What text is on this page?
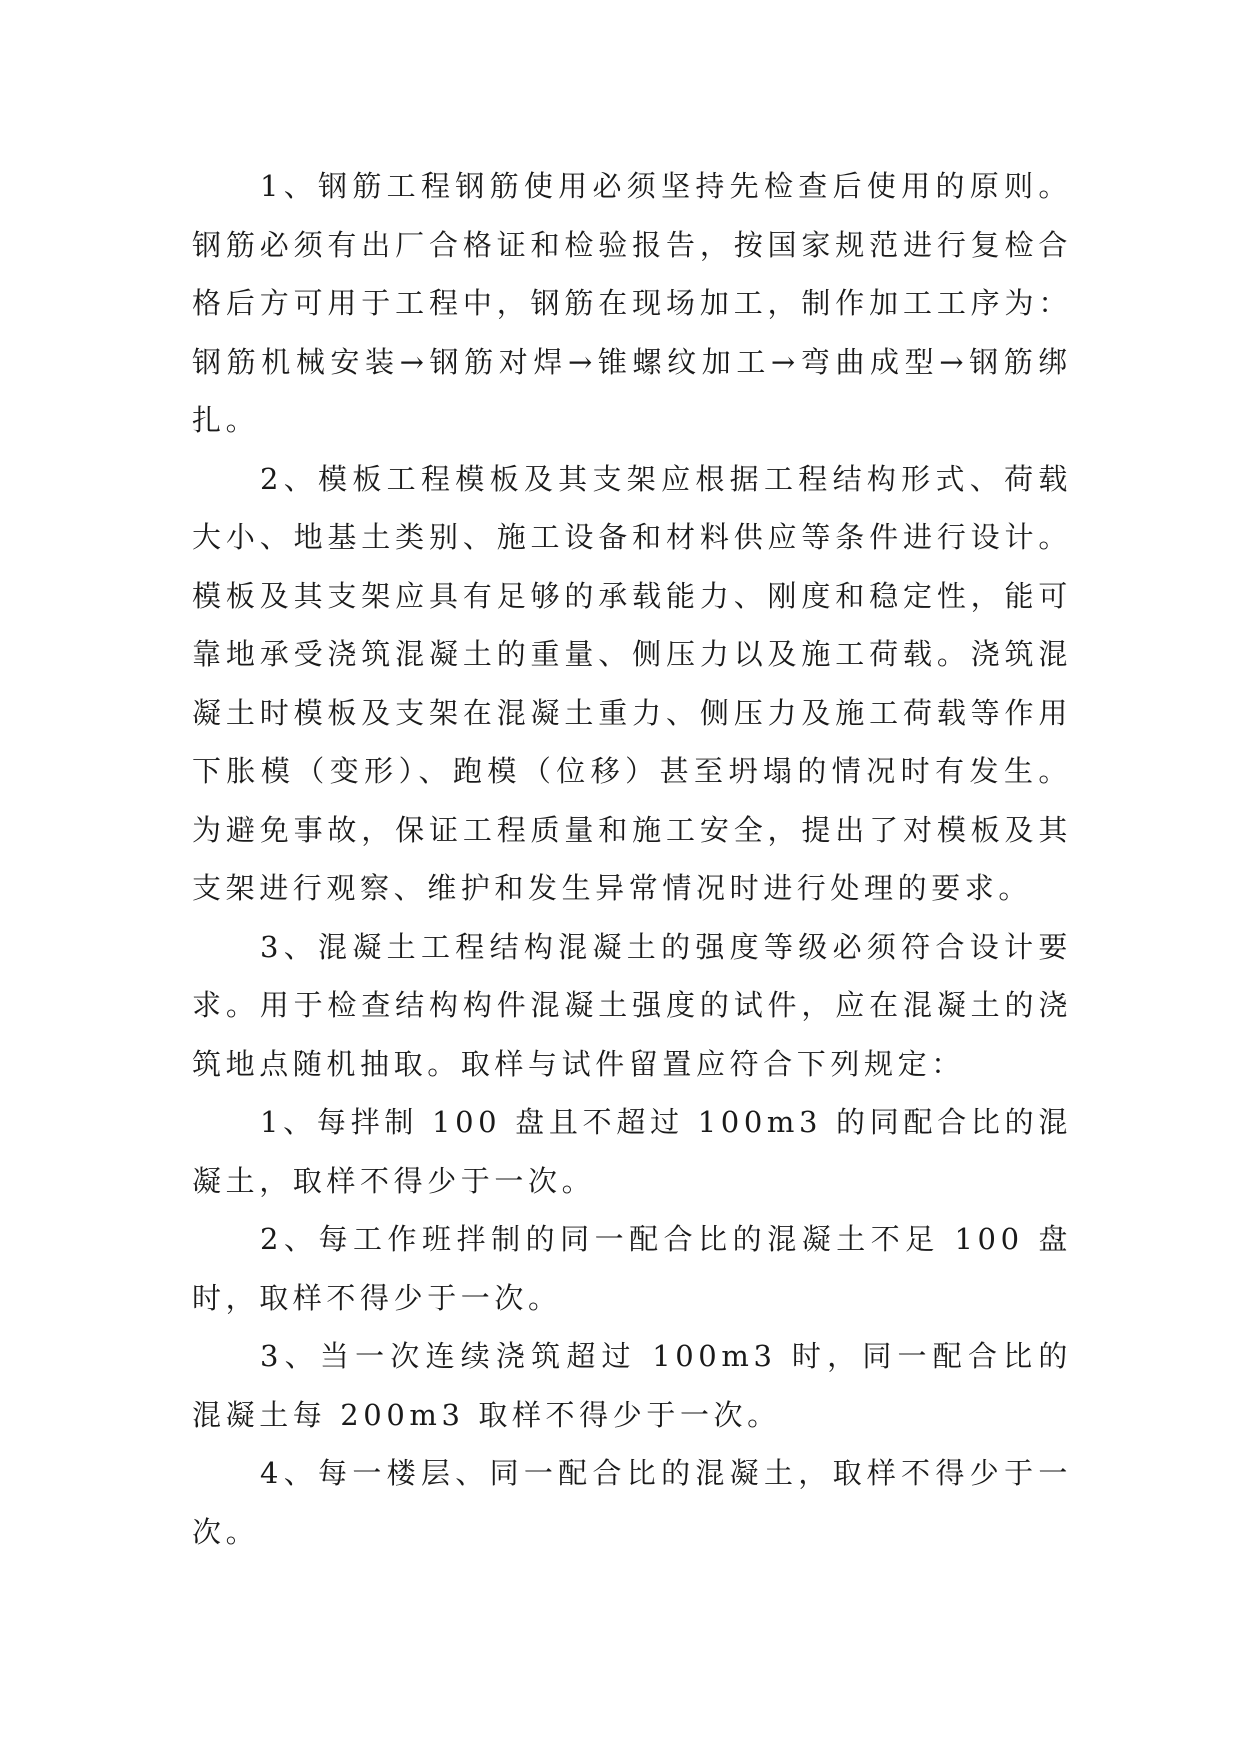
1、钢筋工程钢筋使用必须坚持先检查后使用的原则。钢筋必须有出厂合格证和检验报告，按国家规范进行复检合格后方可用于工程中，钢筋在现场加工，制作加工工序为：钢筋机械安装→钢筋对焊→锥螺纹加工→弯曲成型→钢筋绑扎。

2、模板工程模板及其支架应根据工程结构形式、荷载大小、地基土类别、施工设备和材料供应等条件进行设计。模板及其支架应具有足够的承载能力、刚度和稳定性，能可靠地承受浇筑混凝土的重量、侧压力以及施工荷载。浇筑混凝土时模板及支架在混凝土重力、侧压力及施工荷载等作用下胀模（变形）、跑模（位移）甚至坍塌的情况时有发生。为避免事故，保证工程质量和施工安全，提出了对模板及其支架进行观察、维护和发生异常情况时进行处理的要求。

3、混凝土工程结构混凝土的强度等级必须符合设计要求。用于检查结构构件混凝土强度的试件，应在混凝土的浇筑地点随机抽取。取样与试件留置应符合下列规定：

1、每拌制 100 盘且不超过 100m3 的同配合比的混凝土，取样不得少于一次。

2、每工作班拌制的同一配合比的混凝土不足 100 盘时，取样不得少于一次。

3、当一次连续浇筑超过 100m3 时，同一配合比的混凝土每 200m3 取样不得少于一次。

4、每一楼层、同一配合比的混凝土，取样不得少于一次。
